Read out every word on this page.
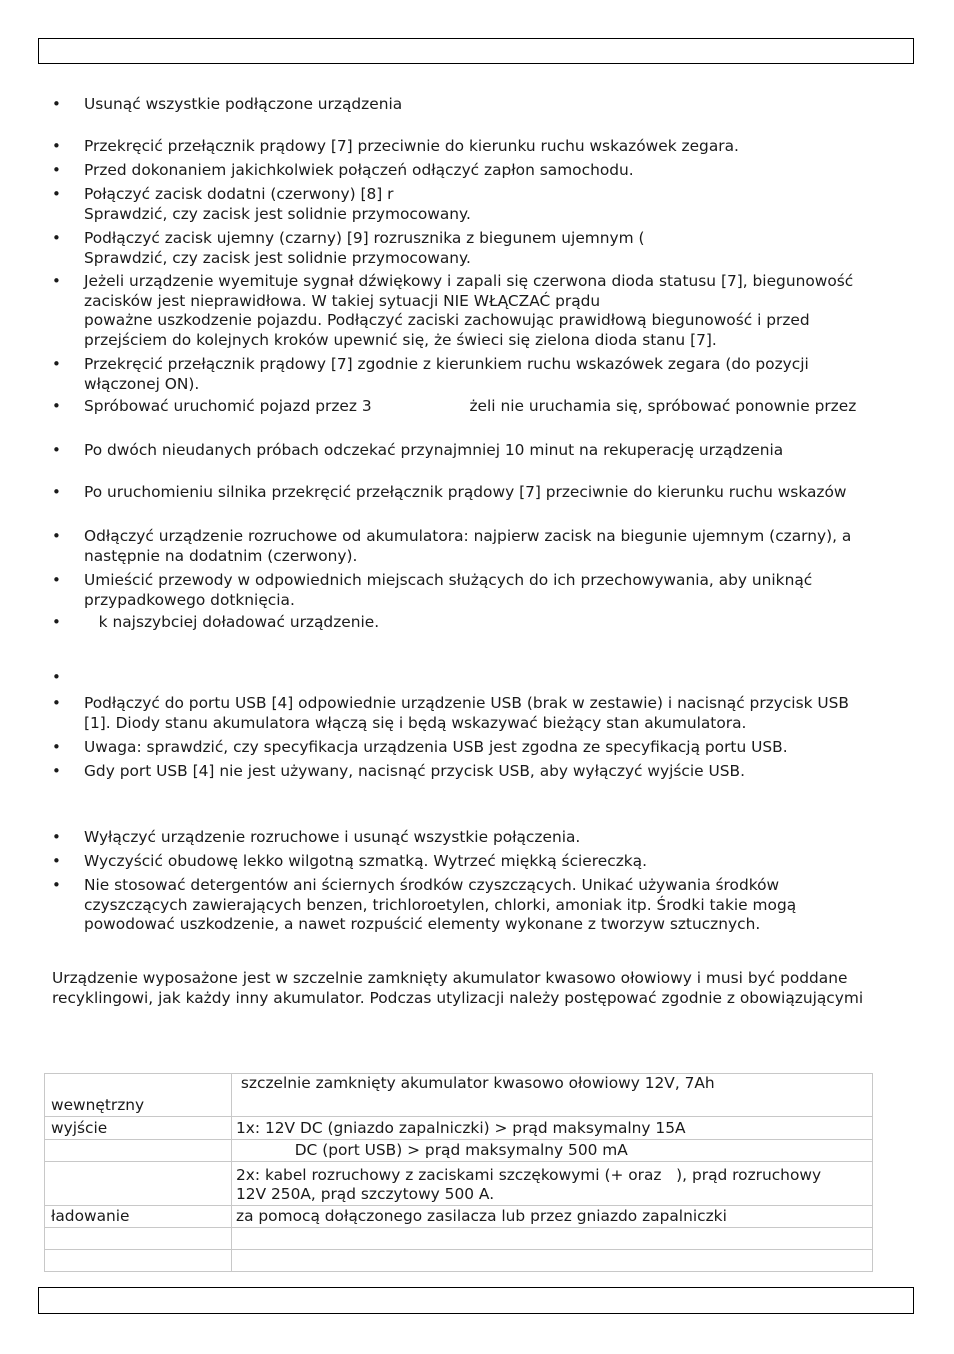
•	Usunąć wszystkie podłączone urządzenia
•	Przekręcić przełącznik prądowy [7] przeciwnie do kierunku ruchu wskazówek zegara.
•	Przed dokonaniem jakichkolwiek połączeń odłączyć zapłon samochodu.
•	Połączyć zacisk dodatni (czerwony) [8] r
Sprawdzić, czy zacisk jest solidnie przymocowany.
•	Podłączyć zacisk ujemny (czarny) [9] rozrusznika z biegunem ujemnym (
Sprawdzić, czy zacisk jest solidnie przymocowany.
•	Jeżeli urządzenie wyemituje sygnał dźwiękowy i zapali się czerwona dioda statusu [7], biegunowość
zacisków jest nieprawidłowa. W takiej sytuacji NIE WŁĄCZAĆ prądu
poważne uszkodzenie pojazdu. Podłączyć zaciski zachowując prawidłową biegunowość i przed
przejściem do kolejnych kroków upewnić się, że świeci się zielona dioda stanu [7].
•	Przekręcić przełącznik prądowy [7] zgodnie z kierunkiem ruchu wskazówek zegara (do pozycji
włączonej ON).
•	Spróbować uruchomić pojazd przez 3                    żeli nie uruchamia się, spróbować ponownie przez
•	Po dwóch nieudanych próbach odczekać przynajmniej 10 minut na rekuperację urządzenia
•	Po uruchomieniu silnika przekręcić przełącznik prądowy [7] przeciwnie do kierunku ruchu wskazów
•	Odłączyć urządzenie rozruchowe od akumulatora: najpierw zacisk na biegunie ujemnym (czarny), a
następnie na dodatnim (czerwony).
•	Umieścić przewody w odpowiednich miejscach służących do ich przechowywania, aby uniknąć
przypadkowego dotknięcia.
•	k najszybciej doładować urządzenie.
•
•	Podłączyć do portu USB [4] odpowiednie urządzenie USB (brak w zestawie) i nacisnąć przycisk USB
[1]. Diody stanu akumulatora włączą się i będą wskazywać bieżący stan akumulatora.
•	Uwaga: sprawdzić, czy specyfikacja urządzenia USB jest zgodna ze specyfikacją portu USB.
•	Gdy port USB [4] nie jest używany, nacisnąć przycisk USB, aby wyłączyć wyjście USB.
•	Wyłączyć urządzenie rozruchowe i usunąć wszystkie połączenia.
•	Wyczyścić obudowę lekko wilgotną szmatką. Wytrzeć miękką ściereczką.
•	Nie stosować detergentów ani ściernych środków czyszczących. Unikać używania środków
czyszczących zawierających benzen, trichloroetylen, chlorki, amoniak itp. Środki takie mogą
powodować uszkodzenie, a nawet rozpuścić elementy wykonane z tworzyw sztucznych.
Urządzenie wyposażone jest w szczelnie zamknięty akumulator kwasowo ołowiowy i musi być poddane
recyklingowi, jak każdy inny akumulator. Podczas utylizacji należy postępować zgodnie z obowiązującymi
wewnętrzny	szczelnie zamknięty akumulator kwasowo ołowiowy 12V, 7Ah

wyjście	1x: 12V DC (gniazdo zapalniczki) > prąd maksymalny 15A

	DC (port USB) > prąd maksymalny 500 mA

	2x: kabel rozruchowy z zaciskami szczękowymi (+ oraz   ), prąd rozruchowy
12V 250A, prąd szczytowy 500 A.

ładowanie	za pomocą dołączonego zasilacza lub przez gniazdo zapalniczki
